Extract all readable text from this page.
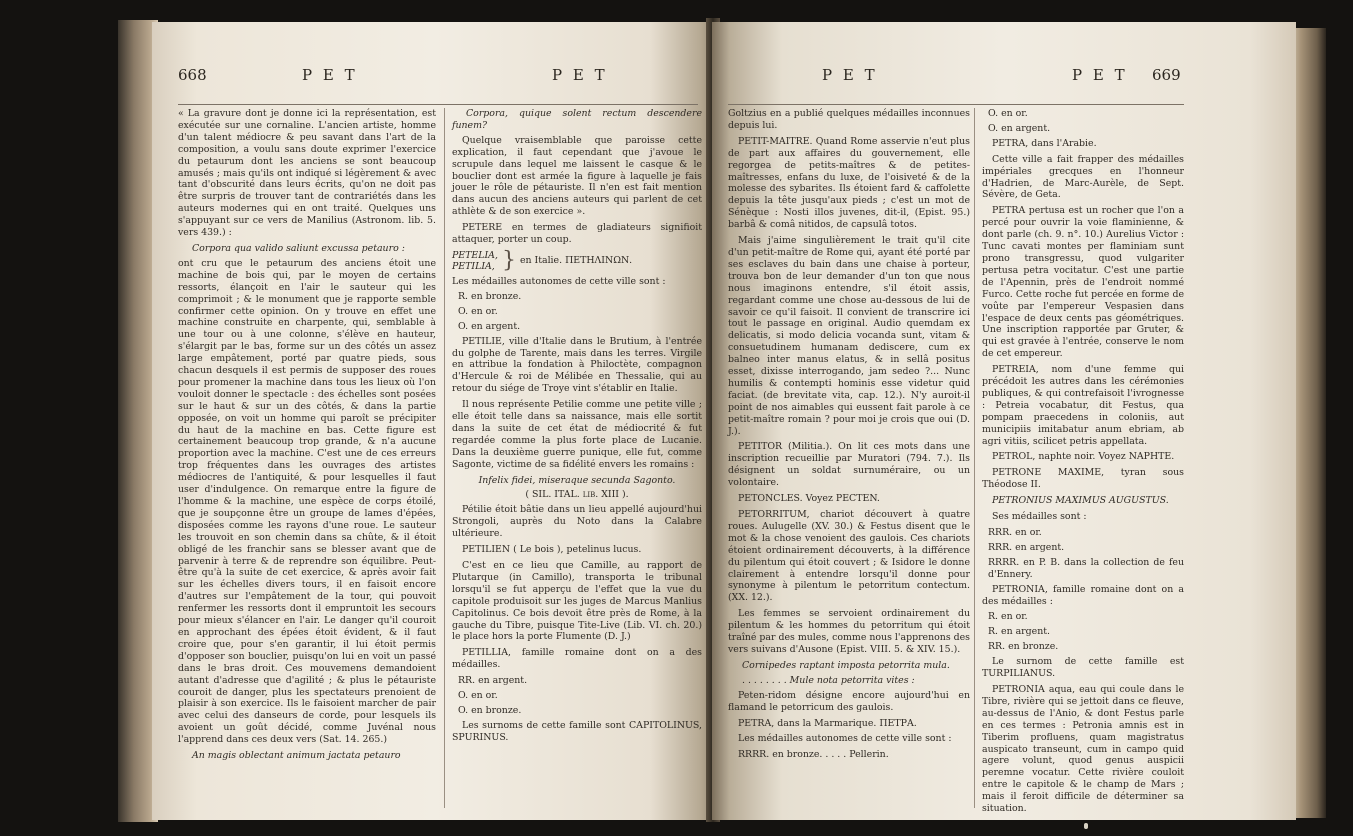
668	P E T	P E T

« La gravure dont je donne ici la représentation, est exécutée sur une cornaline. L'ancien artiste, homme d'un talent médiocre & peu savant dans l'art de la composition, a voulu sans doute exprimer l'exercice du petaurum dont les anciens se sont beaucoup amusés ; mais qu'ils ont indiqué si légèrement & avec tant d'obscurité dans leurs écrits, qu'on ne doit pas être surpris de trouver tant de contrariétés dans les auteurs modernes qui en ont traité. Quelques uns s'appuyant sur ce vers de Manilius (Astronom. lib. 5. vers 439.) :

Corpora qua valido saliunt excussa petauro :

ont cru que le petaurum des anciens étoit une machine de bois qui, par le moyen de certains ressorts, élançoit en l'air le sauteur qui les comprimoit ; & le monument que je rapporte semble confirmer cette opinion. On y trouve en effet une machine construite en charpente, qui, semblable à une tour ou à une colonne, s'élève en hauteur, s'élargit par le bas, forme sur un des côtés un assez large empâtement, porté par quatre pieds, sous chacun desquels il est permis de supposer des roues pour promener la machine dans tous les lieux où l'on vouloit donner le spectacle : des échelles sont posées sur le haut & sur un des côtés, & dans la partie opposée, on voit un homme qui paroît se précipiter du haut de la machine en bas. Cette figure est certainement beaucoup trop grande, & n'a aucune proportion avec la machine. C'est une de ces erreurs trop fréquentes dans les ouvrages des artistes médiocres de l'antiquité, & pour lesquelles il faut user d'indulgence. On remarque entre la figure de l'homme & la machine, une espèce de corps étoilé, que je soupçonne être un groupe de lames d'épées, disposées comme les rayons d'une roue. Le sauteur les trouvoit en son chemin dans sa chûte, & il étoit obligé de les franchir sans se blesser avant que de parvenir à terre & de reprendre son équilibre. Peut-être qu'à la suite de cet exercice, & après avoir fait sur les échelles divers tours, il en faisoit encore d'autres sur l'empâtement de la tour, qui pouvoit renfermer les ressorts dont il empruntoit les secours pour mieux s'élancer en l'air. Le danger qu'il couroit en approchant des épées étoit évident, & il faut croire que, pour s'en garantir, il lui étoit permis d'opposer son bouclier, puisqu'on lui en voit un passé dans le bras droit. Ces mouvemens demandoient autant d'adresse que d'agilité ; & plus le pétauriste couroit de danger, plus les spectateurs prenoient de plaisir à son exercice. Ils le faisoient marcher de pair avec celui des danseurs de corde, pour lesquels ils avoient un goût décidé, comme Juvénal nous l'apprend dans ces deux vers (Sat. 14. 265.)

An magis oblectant animum jactata petauro

Corpora, quique solent rectum descendere funem?

Quelque vraisemblable que paroisse cette explication, il faut cependant que j'avoue le scrupule dans lequel me laissent le casque & le bouclier dont est armée la figure à laquelle je fais jouer le rôle de pétauriste. Il n'en est fait mention dans aucun des anciens auteurs qui parlent de cet athlète & de son exercice ».

PETERE en termes de gladiateurs signifioit attaquer, porter un coup.

PETELIA,
PETILIA, } en Italie. ΠΕΤΗΛΙΝΩΝ.

Les médailles autonomes de cette ville sont :

R. en bronze.

O. en or.

O. en argent.

PETILIE, ville d'Italie dans le Brutium, à l'entrée du golphe de Tarente, mais dans les terres. Virgile en attribue la fondation à Philoctète, compagnon d'Hercule & roi de Mélibée en Thessalie, qui au retour du siége de Troye vint s'établir en Italie.

Il nous représente Petilie comme une petite ville ; elle étoit telle dans sa naissance, mais elle sortit dans la suite de cet état de médiocrité & fut regardée comme la plus forte place de Lucanie. Dans la deuxième guerre punique, elle fut, comme Sagonte, victime de sa fidélité envers les romains :

Infelix fidei, miseraque secunda Sagonto.

( SIL. ITAL. lib. XIII ).

Pétilie étoit bâtie dans un lieu appellé aujourd'hui Strongoli, auprès du Noto dans la Calabre ultérieure.

PETILIEN ( Le bois ), petelinus lucus.

C'est en ce lieu que Camille, au rapport de Plutarque (in Camillo), transporta le tribunal lorsqu'il se fut apperçu de l'effet que la vue du capitole produisoit sur les juges de Marcus Manlius Capitolinus. Ce bois devoit être près de Rome, à la gauche du Tibre, puisque Tite-Live (Lib. VI. ch. 20.) le place hors la porte Flumente (D. J.)

PETILLIA, famille romaine dont on a des médailles.

RR. en argent.

O. en or.

O. en bronze.

Les surnoms de cette famille sont CAPITOLINUS, SPURINUS.

P E T	P E T 669

Goltzius en a publié quelques médailles inconnues depuis lui.

PETIT-MAITRE. Quand Rome asservie n'eut plus de part aux affaires du gouvernement, elle regorgea de petits-maîtres & de petites-maîtresses, enfans du luxe, de l'oisiveté & de la molesse des sybarites. Ils étoient fard & caffolette depuis la tête jusqu'aux pieds ; c'est un mot de Sénèque : Nosti illos juvenes, dit-il, (Epist. 95.) barbâ & comâ nitidos, de capsulâ totos.

Mais j'aime singulièrement le trait qu'il cite d'un petit-maître de Rome qui, ayant été porté par ses esclaves du bain dans une chaise à porteur, trouva bon de leur demander d'un ton que nous nous imaginons entendre, s'il étoit assis, regardant comme une chose au-dessous de lui de savoir ce qu'il faisoit. Il convient de transcrire ici tout le passage en original. Audio quemdam ex delicatis, si modo delicia vocanda sunt, vitam & consuetudinem humanam dediscere, cum ex balneo inter manus elatus, & in sellâ positus esset, dixisse interrogando, jam sedeo ?... Nunc humilis & contempti hominis esse videtur quid faciat. (de brevitate vita, cap. 12.). N'y auroit-il point de nos aimables qui eussent fait parole à ce petit-maître romain ? pour moi je crois que oui (D. J.).

PETITOR (Militia.). On lit ces mots dans une inscription recueillie par Muratori (794. 7.). Ils désignent un soldat surnuméraire, ou un volontaire.

PETONCLES. Voyez PECTEN.

PETORRITUM, chariot découvert à quatre roues. Aulugelle (XV. 30.) & Festus disent que le mot & la chose venoient des gaulois. Ces chariots étoient ordinairement découverts, à la différence du pilentum qui étoit couvert ; & Isidore le donne clairement à entendre lorsqu'il donne pour synonyme à pilentum le petorritum contectum. (XX. 12.).

Les femmes se servoient ordinairement du pilentum & les hommes du petorritum qui étoit traîné par des mules, comme nous l'apprenons des vers suivans d'Ausone (Epist. VIII. 5. & XIV. 15.).

Cornipedes raptant imposta petorrita mula.

. . . . . . . . Mule nota petorrita vites :

Peten-ridom désigne encore aujourd'hui en flamand le petorricum des gaulois.

PETRA, dans la Marmarique. ΠΕΤΡΑ.

Les médailles autonomes de cette ville sont :

RRRR. en bronze. . . . . Pellerin.

O. en or.

O. en argent.

PETRA, dans l'Arabie.

Cette ville a fait frapper des médailles impériales grecques en l'honneur d'Hadrien, de Marc-Aurèle, de Sept. Sévère, de Geta.

PETRA pertusa est un rocher que l'on a percé pour ouvrir la voie flaminienne, & dont parle (ch. 9. n°. 10.) Aurelius Victor : Tunc cavati montes per flaminiam sunt prono transgressu, quod vulgariter pertusa petra vocitatur. C'est une partie de l'Apennin, près de l'endroit nommé Furco. Cette roche fut percée en forme de voûte par l'empereur Vespasien dans l'espace de deux cents pas géométriques. Une inscription rapportée par Gruter, & qui est gravée à l'entrée, conserve le nom de cet empereur.

PETREIA, nom d'une femme qui précédoit les autres dans les cérémonies publiques, & qui contrefaisoit l'ivrognesse : Petreia vocabatur, dit Festus, qua pompam praecedens in coloniis, aut municipiis imitabatur anum ebriam, ab agri vitiis, scilicet petris appellata.

PETROL, naphte noir. Voyez NAPHTE.

PETRONE MAXIME, tyran sous Théodose II.

PETRONIUS MAXIMUS AUGUSTUS.

Ses médailles sont :

RRR. en or.

RRR. en argent.

RRRR. en P. B. dans la collection de feu d'Ennery.

PETRONIA, famille romaine dont on a des médailles :

R. en or.

R. en argent.

RR. en bronze.

Le surnom de cette famille est TURPILIANUS.

PETRONIA aqua, eau qui coule dans le Tibre, rivière qui se jettoit dans ce fleuve, au-dessus de l'Anio, & dont Festus parle en ces termes : Petronia amnis est in Tiberim profluens, quam magistratus auspicato transeunt, cum in campo quid agere volunt, quod genus auspicii peremne vocatur. Cette rivière couloit entre le capitole & le champ de Mars ; mais il feroit difficile de déterminer sa situation.
